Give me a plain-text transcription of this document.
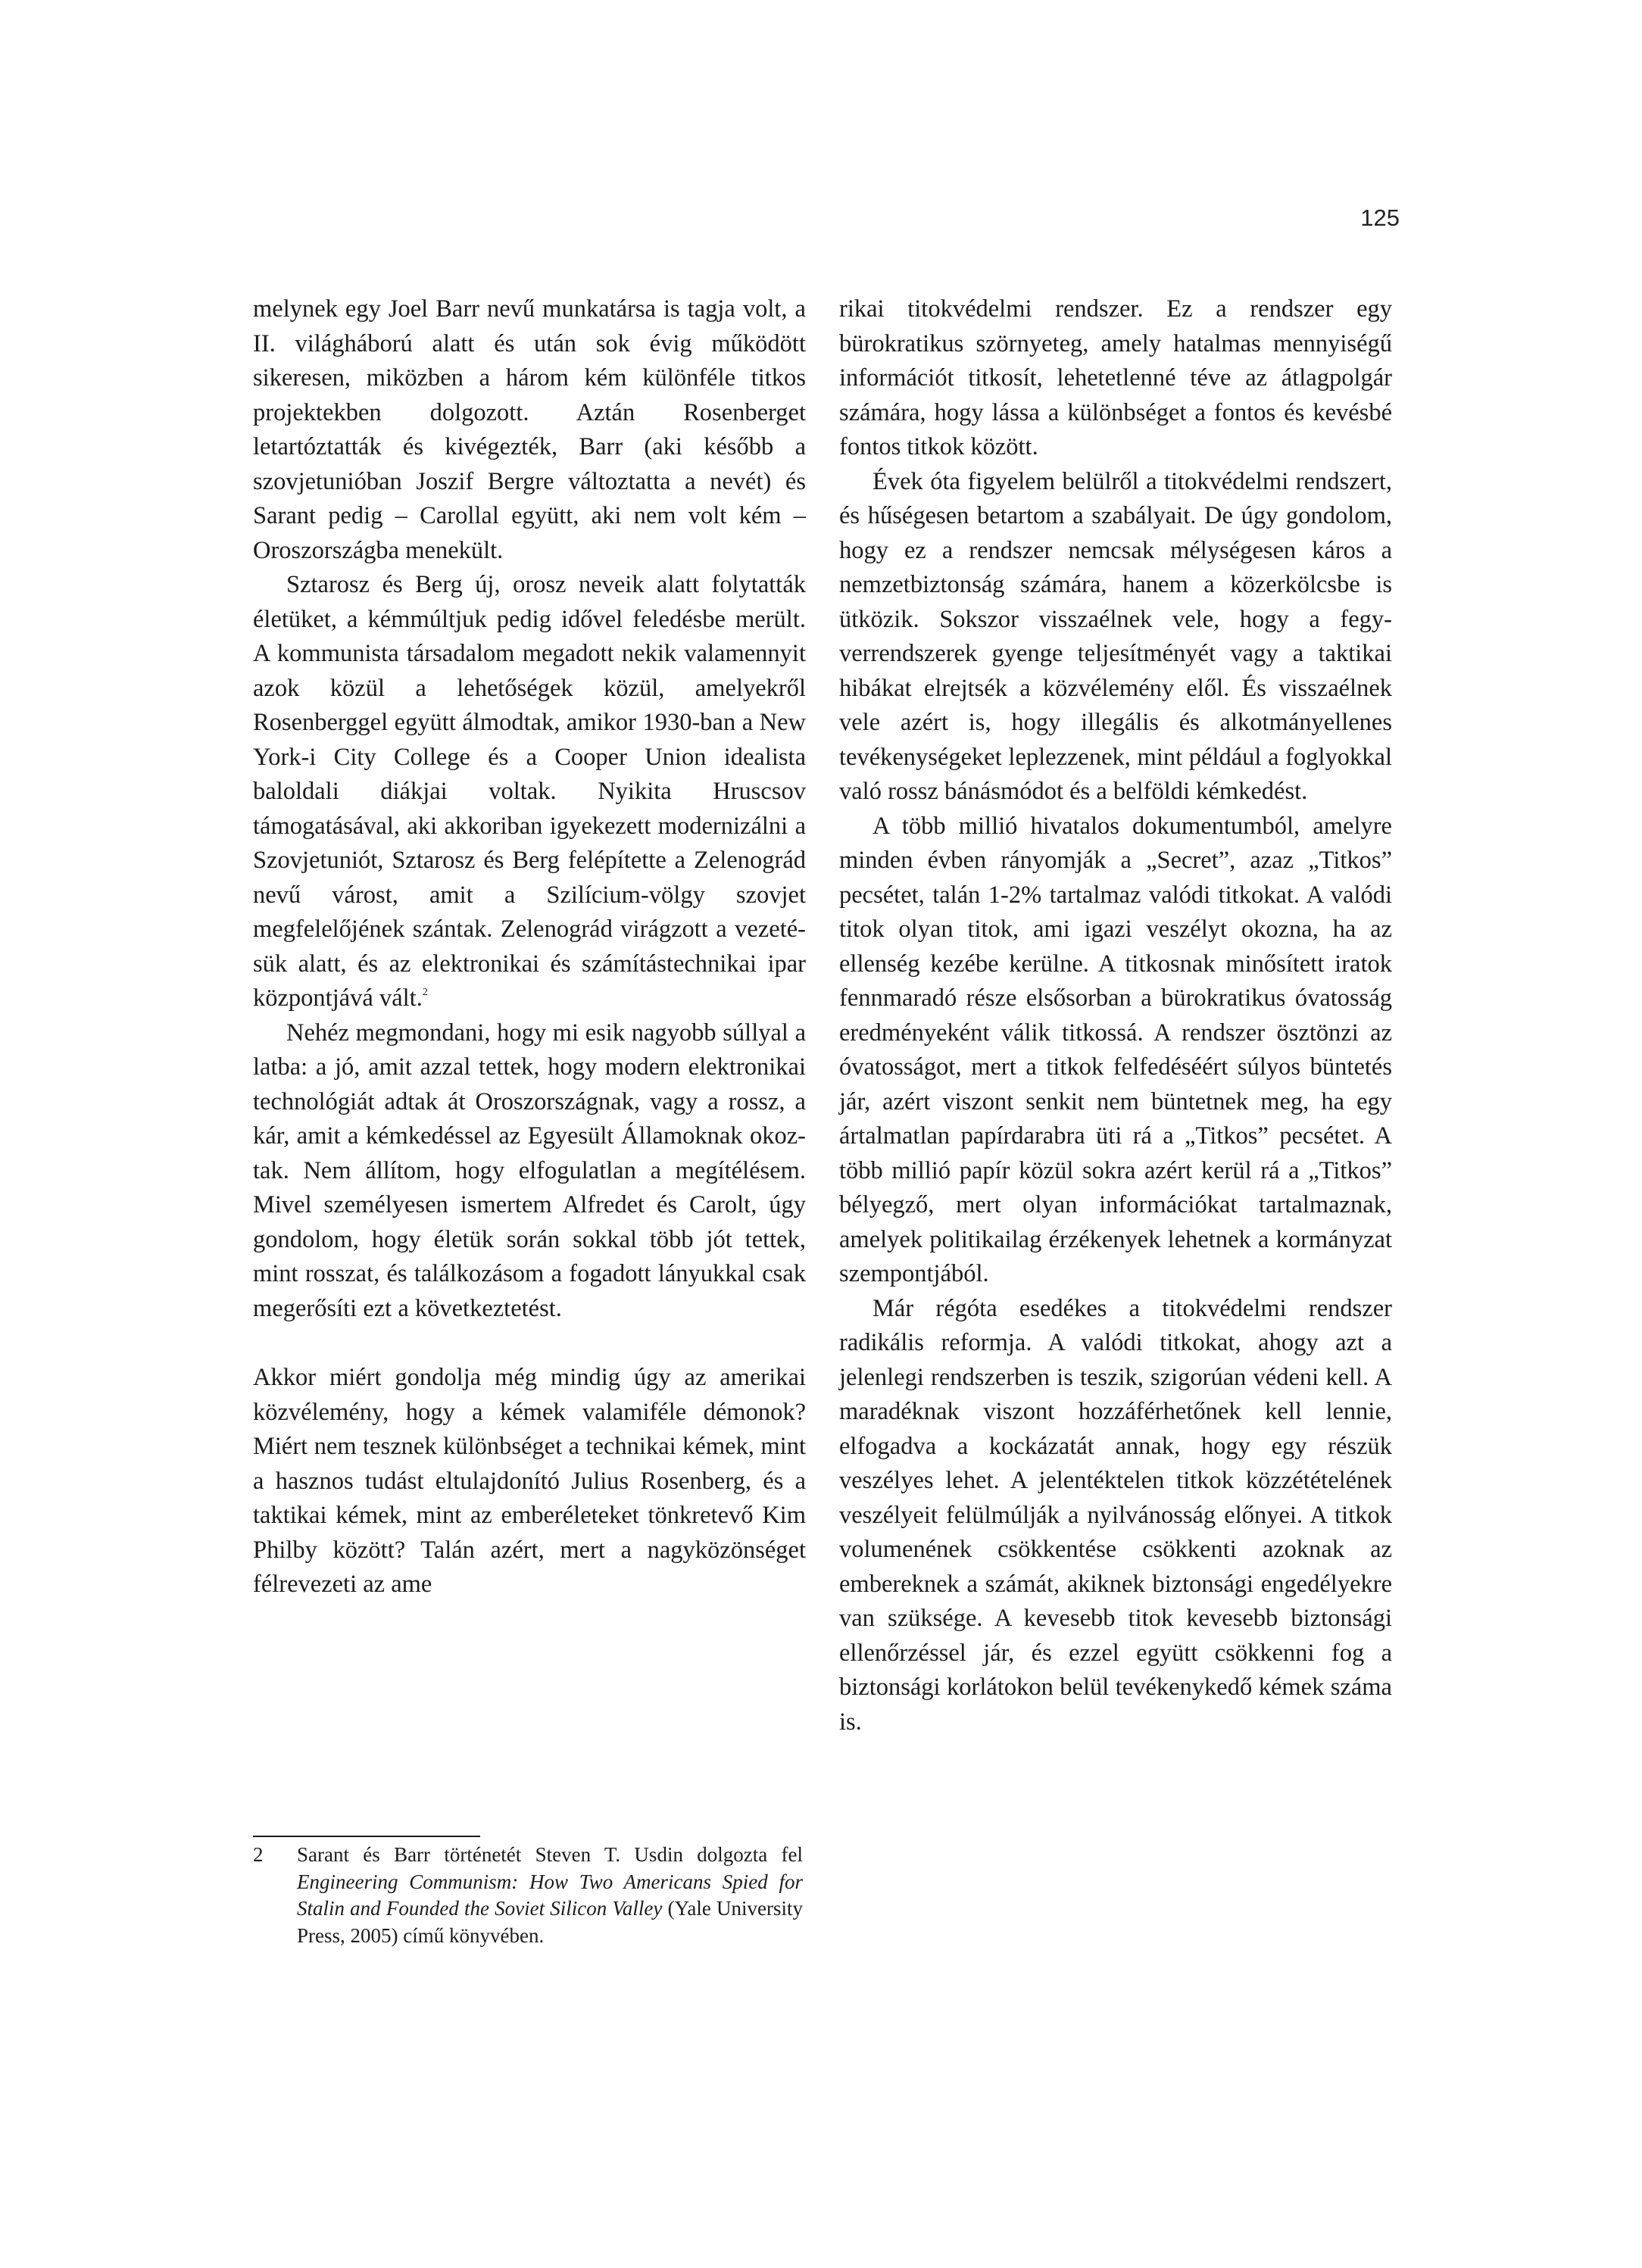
125

melynek egy Joel Barr nevű munkatársa is tagja volt, a II. világháború alatt és után sok évig működött sikeresen, miközben a három kém különféle titkos projektekben dolgozott. Aztán Rosenberget letartóztatták és kivégezték, Barr (aki később a szovjetunióban Joszif Bergre változtatta a nevét) és Sarant pedig – Carollal együtt, aki nem volt kém – Oroszországba menekült.

Sztarosz és Berg új, orosz neveik alatt folytatták életüket, a kémmúltjuk pedig idővel feledésbe merült. A kommunista társadalom megadott nekik valamennyit azok közül a lehetőségek közül, amelyekről Rosenberggel együtt álmodtak, amikor 1930-ban a New York-i City College és a Cooper Union idealista baloldali diákjai voltak. Nyikita Hruscsov támogatásával, aki akkoriban igyekezett modernizálni a Szovjetuniót, Sztarosz és Berg felépítette a Zelenográd nevű várost, amit a Szilícium-völgy szovjet megfelelőjének szántak. Zelenográd virágzott a vezetésük alatt, és az elektronikai és számítástechnikai ipar központjává vált.$^2$

Nehéz megmondani, hogy mi esik nagyobb súllyal a latba: a jó, amit azzal tettek, hogy modern elektronikai technológiát adtak át Oroszországnak, vagy a rossz, a kár, amit a kémkedéssel az Egyesült Államoknak okoztak. Nem állítom, hogy elfogulatlan a megítélésem. Mivel személyesen ismertem Alfredet és Carolt, úgy gondolom, hogy életük során sokkal több jót tettek, mint rosszat, és találkozásom a fogadott lányukkal csak megerősíti ezt a következtetést.

Akkor miért gondolja még mindig úgy az amerikai közvélemény, hogy a kémek valamiféle démonok? Miért nem tesznek különbséget a technikai kémek, mint a hasznos tudást eltulajdonító Julius Rosenberg, és a taktikai kémek, mint az emberéleteket tönkretevő Kim Philby között? Talán azért, mert a nagyközönséget félrevezeti az ame

2 Sarant és Barr történetét Steven T. Usdin dolgozta fel Engineering Communism: How Two Americans Spied for Stalin and Founded the Soviet Silicon Valley (Yale University Press, 2005) című könyvében.

rikai titokvédelmi rendszer. Ez a rendszer egy bürokratikus szörnyeteg, amely hatalmas mennyiségű információt titkosít, lehetetlenné téve az átlagpolgár számára, hogy lássa a különbséget a fontos és kevésbé fontos titkok között.

Évek óta figyelem belülről a titokvédelmi rendszert, és hűségesen betartom a szabályait. De úgy gondolom, hogy ez a rendszer nemcsak mélységesen káros a nemzetbiztonság számára, hanem a közerkölcsbe is ütközik. Sokszor visszaélnek vele, hogy a fegyverrendszerek gyenge teljesítményét vagy a taktikai hibákat elrejtsék a közvélemény elől. És visszaélnek vele azért is, hogy illegális és alkotmányellenes tevékenységeket leplezzenek, mint például a foglyokkal való rossz bánásmódot és a belföldi kémkedést.

A több millió hivatalos dokumentumból, amelyre minden évben rányomják a „Secret”, azaz „Titkos” pecsétet, talán 1-2% tartalmaz valódi titkokat. A valódi titok olyan titok, ami igazi veszélyt okozna, ha az ellenség kezébe kerülne. A titkosnak minősített iratok fennmaradó része elsősorban a bürokratikus óvatosság eredményeként válik titkossá. A rendszer ösztönzi az óvatosságot, mert a titkok felfedéséért súlyos büntetés jár, azért viszont senkit nem büntetnek meg, ha egy ártalmatlan papírdarabra üti rá a „Titkos” pecsétet. A több millió papír közül sokra azért kerül rá a „Titkos” bélyegző, mert olyan információkat tartalmaznak, amelyek politikailag érzékenyek lehetnek a kormányzat szempontjából.

Már régóta esedékes a titokvédelmi rendszer radikális reformja. A valódi titkokat, ahogy azt a jelenlegi rendszerben is teszik, szigorúan védeni kell. A maradéknak viszont hozzáférhetőnek kell lennie, elfogadva a kockázatát annak, hogy egy részük veszélyes lehet. A jelentéktelen titkok közzétételének veszélyeit felülmúlják a nyilvánosság előnyei. A titkok volumenének csökkentése csökkenti azoknak az embereknek a számát, akiknek biztonsági engedélyekre van szüksége. A kevesebb titok kevesebb biztonsági ellenőrzéssel jár, és ezzel együtt csökkenni fog a biztonsági korlátokon belül tevékenykedő kémek száma is.
